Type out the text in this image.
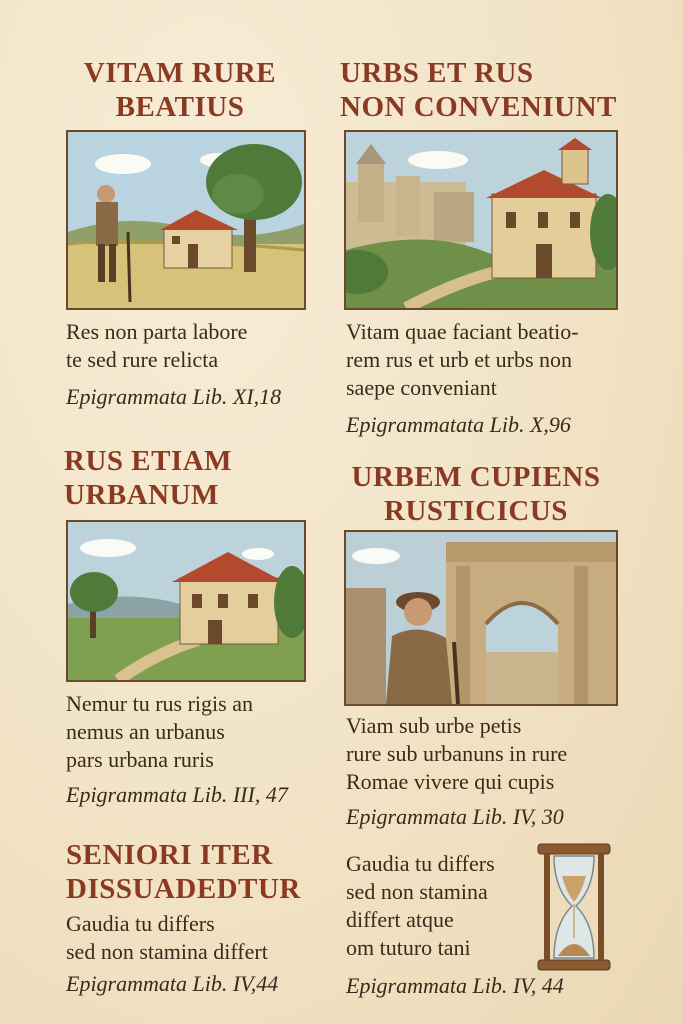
VITAM RURE
BEATIUS
Res non parta labore
te sed rure relicta
Epigrammata Lib. XI,18
URBS ET RUS
NON CONVENIUNT
Vitam quae faciant beatio-
rem rus et urb et urbs non
saepe conveniant
Epigrammatata Lib. X,96
RUS ETIAM
URBANUM
Nemur tu rus rigis an
nemus an urbanus
pars urbana ruris
Epigrammata Lib. III, 47
URBEM CUPIENS
RUSTICICUS
Viam sub urbe petis
rure sub urbanuns in rure
Romae vivere qui cupis
Epigrammata Lib. IV, 30
SENIORI ITER
DISSUADEDTUR
Gaudia tu differs
sed non stamina differt
Epigrammata Lib. IV,44
Gaudia tu differs
sed non stamina
differt atque
om tuturo tani
Epigrammata Lib. IV, 44
